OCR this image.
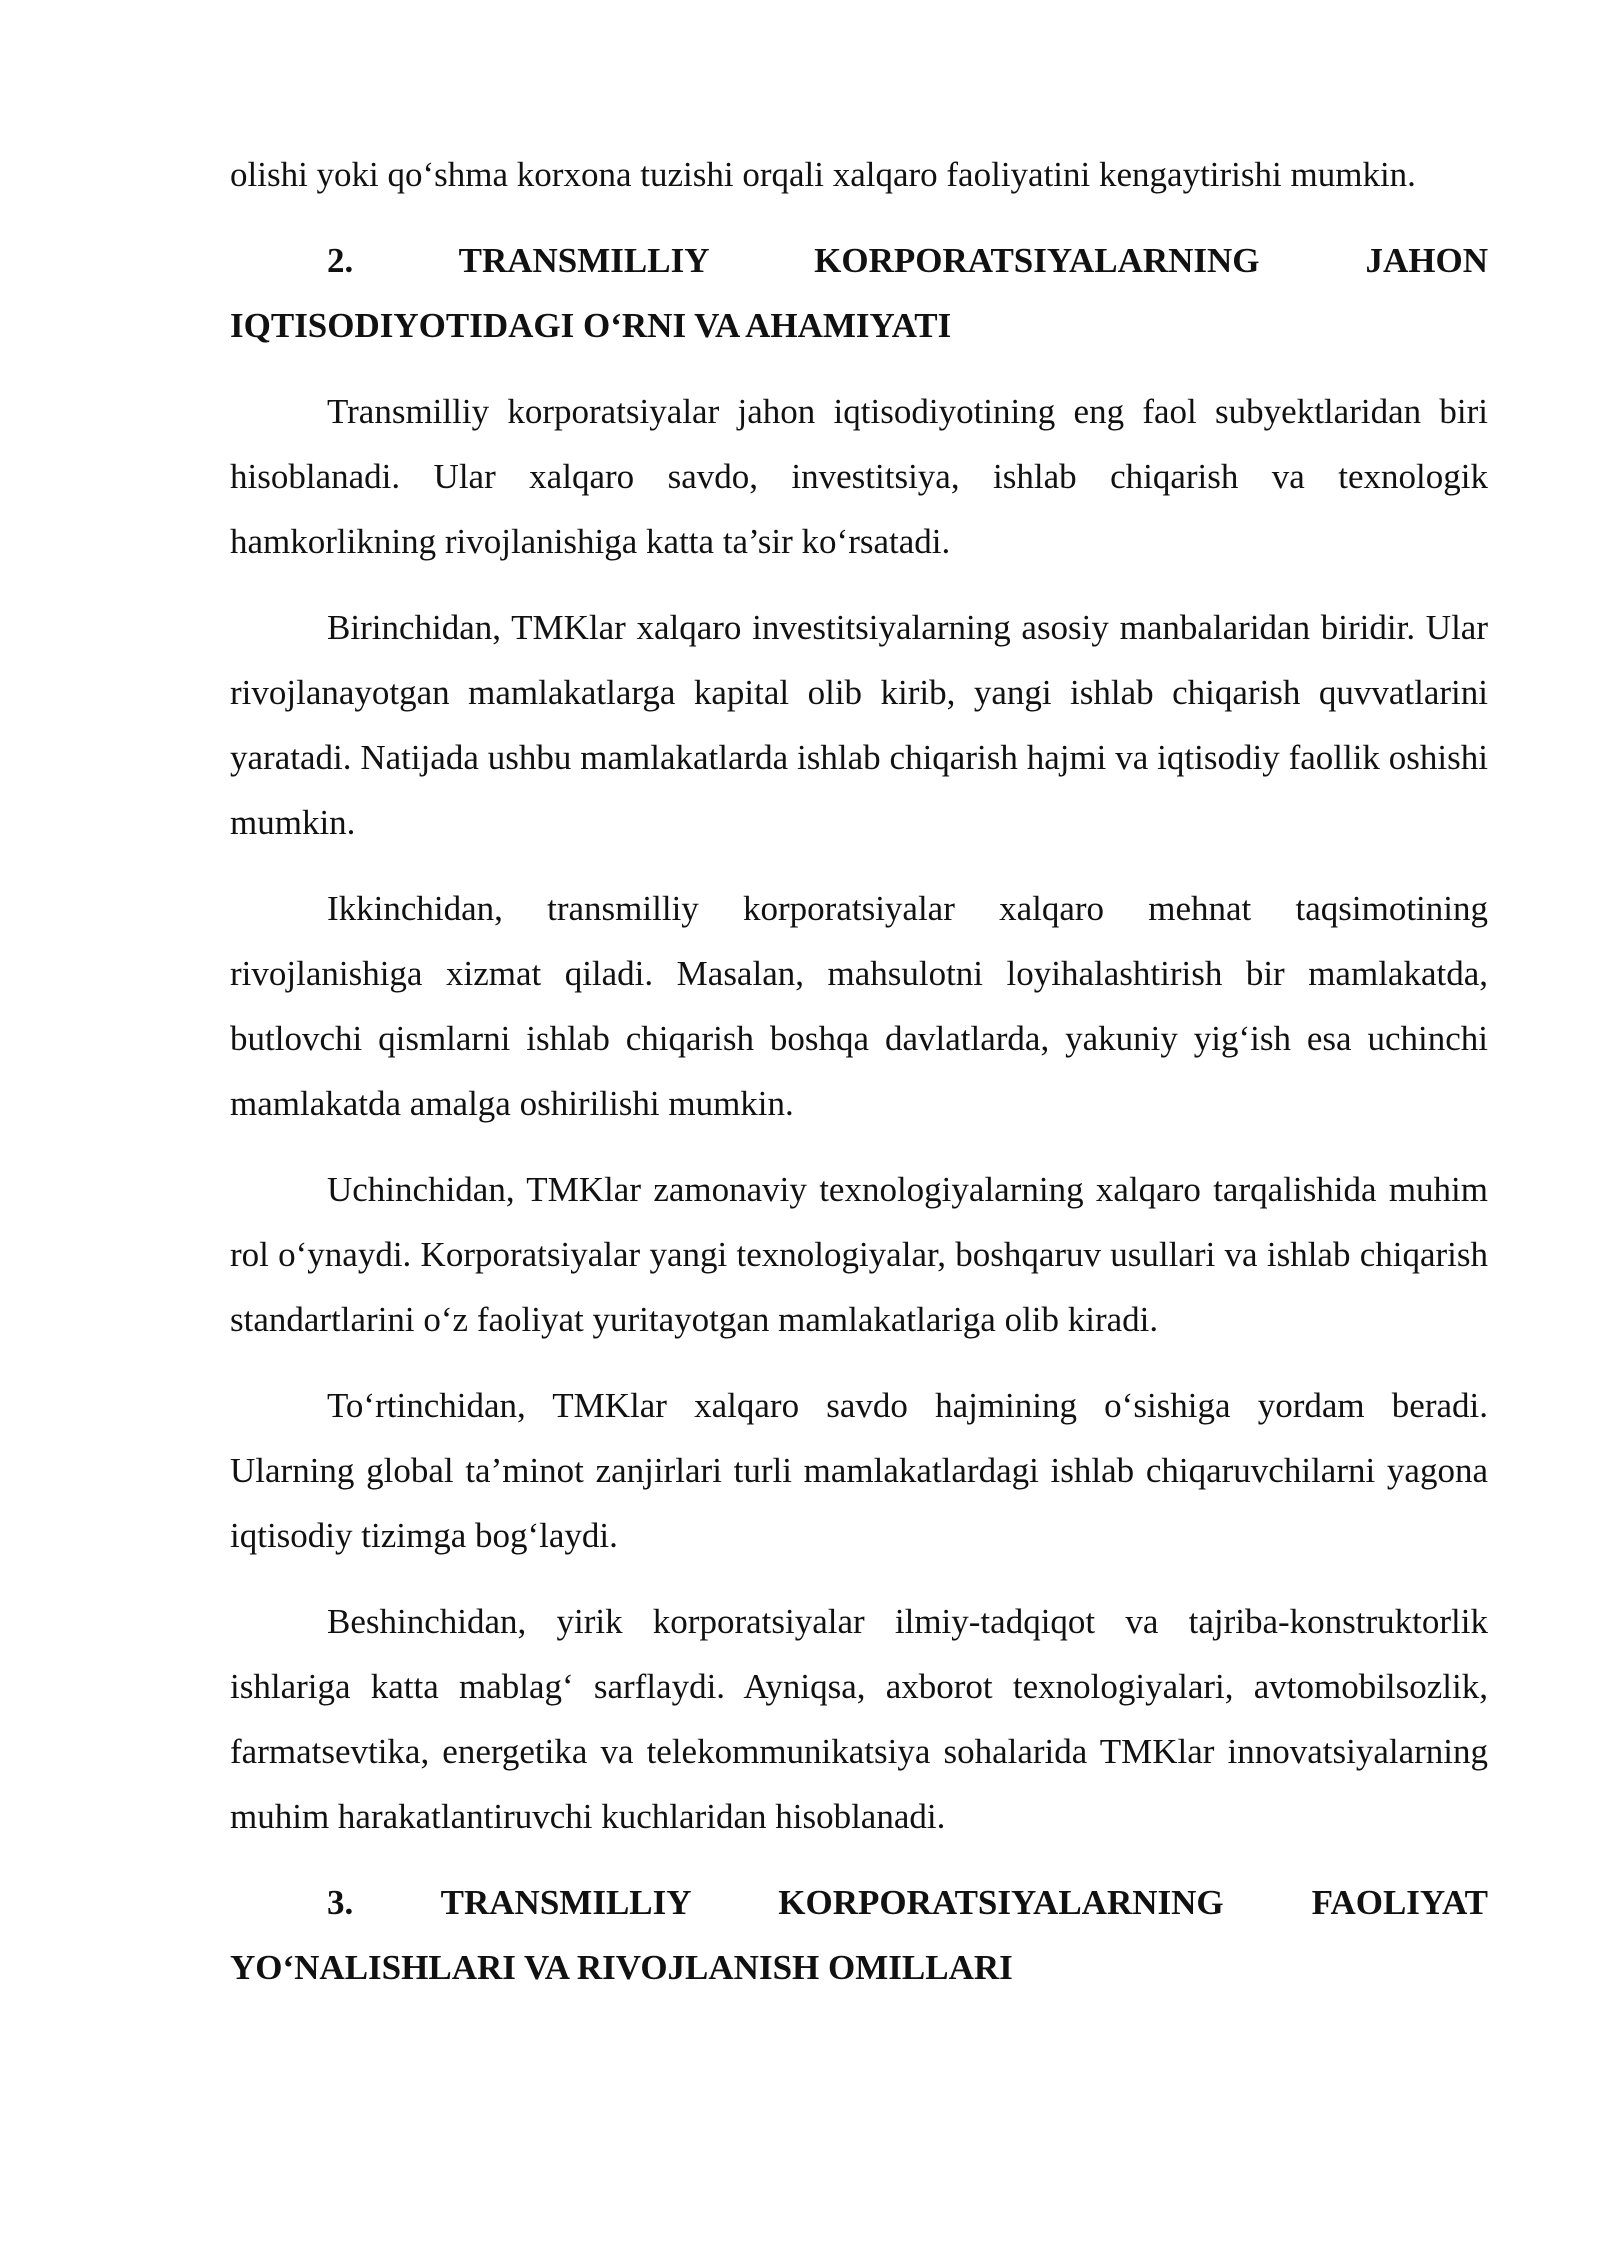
olishi yoki qo‘shma korxona tuzishi orqali xalqaro faoliyatini kengaytirishi mumkin.

2. TRANSMILLIY KORPORATSIYALARNING JAHON IQTISODIYOTIDAGI O‘RNI VA AHAMIYATI

Transmilliy korporatsiyalar jahon iqtisodiyotining eng faol subyektlaridan biri hisoblanadi. Ular xalqaro savdo, investitsiya, ishlab chiqarish va texnologik hamkorlikning rivojlanishiga katta ta’sir ko‘rsatadi.

Birinchidan, TMKlar xalqaro investitsiyalarning asosiy manbalaridan biridir. Ular rivojlanayotgan mamlakatlarga kapital olib kirib, yangi ishlab chiqarish quvvatlarini yaratadi. Natijada ushbu mamlakatlarda ishlab chiqarish hajmi va iqtisodiy faollik oshishi mumkin.

Ikkinchidan, transmilliy korporatsiyalar xalqaro mehnat taqsimotining rivojlanishiga xizmat qiladi. Masalan, mahsulotni loyihalashtirish bir mamlakatda, butlovchi qismlarni ishlab chiqarish boshqa davlatlarda, yakuniy yig‘ish esa uchinchi mamlakatda amalga oshirilishi mumkin.

Uchinchidan, TMKlar zamonaviy texnologiyalarning xalqaro tarqalishida muhim rol o‘ynaydi. Korporatsiyalar yangi texnologiyalar, boshqaruv usullari va ishlab chiqarish standartlarini o‘z faoliyat yuritayotgan mamlakatlariga olib kiradi.

To‘rtinchidan, TMKlar xalqaro savdo hajmining o‘sishiga yordam beradi. Ularning global ta’minot zanjirlari turli mamlakatlardagi ishlab chiqaruvchilarni yagona iqtisodiy tizimga bog‘laydi.

Beshinchidan, yirik korporatsiyalar ilmiy-tadqiqot va tajriba-konstruktorlik ishlariga katta mablag‘ sarflaydi. Ayniqsa, axborot texnologiyalari, avtomobilsozlik, farmatsevtika, energetika va telekommunikatsiya sohalarida TMKlar innovatsiyalarning muhim harakatlantiruvchi kuchlaridan hisoblanadi.

3. TRANSMILLIY KORPORATSIYALARNING FAOLIYAT YO‘NALISHLARI VA RIVOJLANISH OMILLARI
